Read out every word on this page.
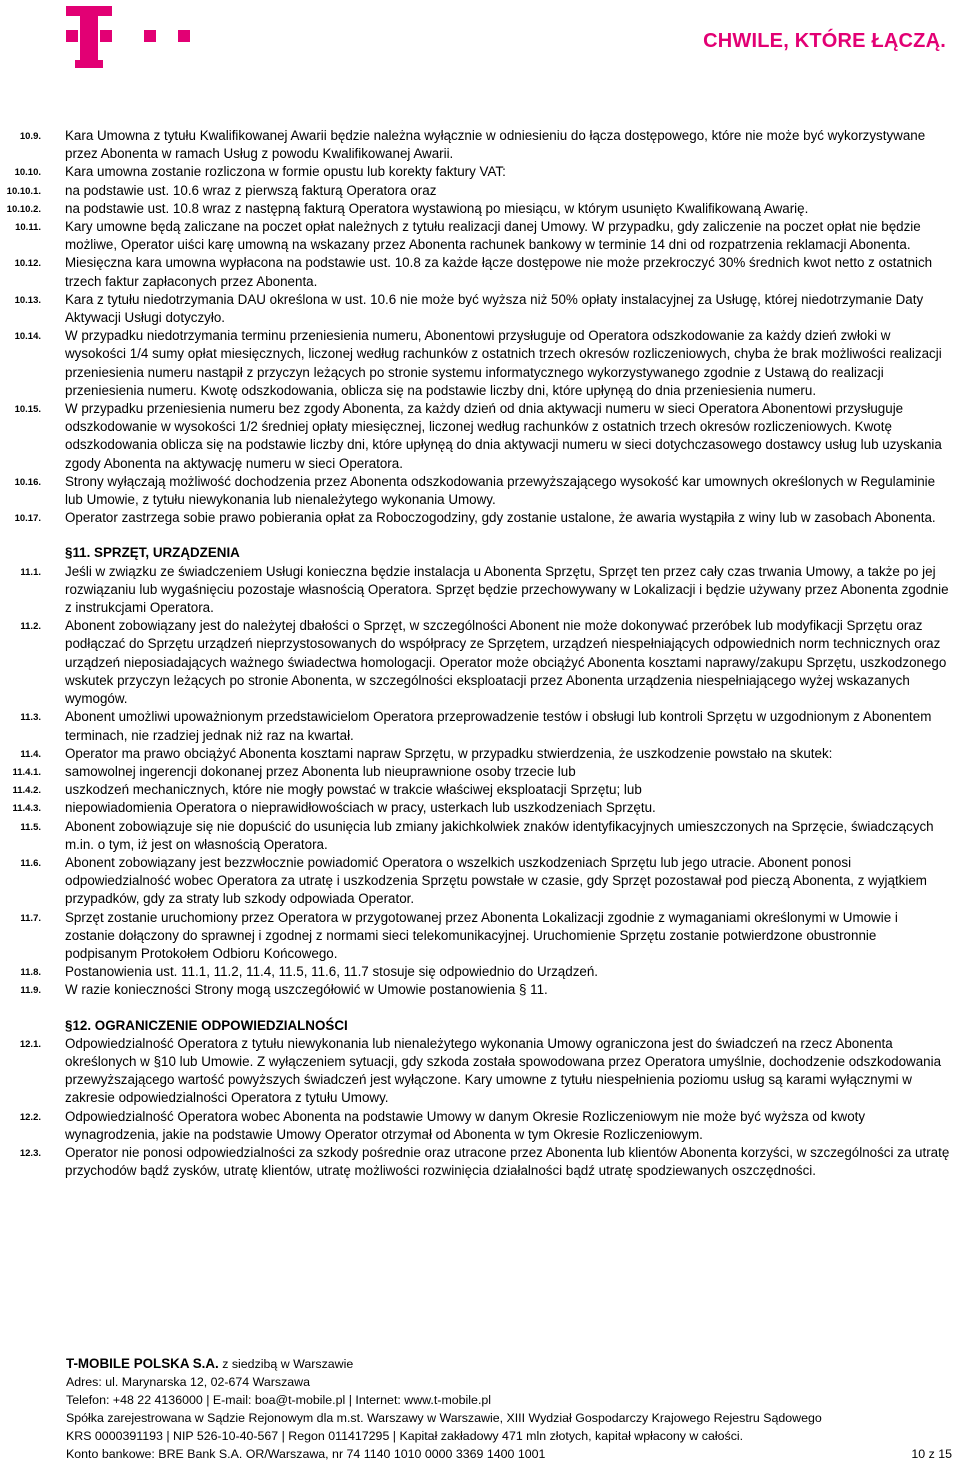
CHWILE, KTÓRE ŁĄCZĄ.
10.9. Kara Umowna z tytułu Kwalifikowanej Awarii będzie należna wyłącznie w odniesieniu do łącza dostępowego, które nie może być wykorzystywane przez Abonenta w ramach Usług z powodu Kwalifikowanej Awarii.
10.10. Kara umowna zostanie rozliczona w formie opustu lub korekty faktury VAT:
10.10.1. na podstawie ust. 10.6 wraz z pierwszą fakturą Operatora oraz
10.10.2. na podstawie ust. 10.8 wraz z następną fakturą Operatora wystawioną po miesiącu, w którym usunięto Kwalifikowaną Awarię.
10.11. Kary umowne będą zaliczane na poczet opłat należnych z tytułu realizacji danej Umowy. W przypadku, gdy zaliczenie na poczet opłat nie będzie możliwe, Operator uiści karę umowną na wskazany przez Abonenta rachunek bankowy w terminie 14 dni od rozpatrzenia reklamacji Abonenta.
10.12. Miesięczna kara umowna wypłacona na podstawie ust. 10.8 za każde łącze dostępowe nie może przekroczyć 30% średnich kwot netto z ostatnich trzech faktur zapłaconych przez Abonenta.
10.13. Kara z tytułu niedotrzymania DAU określona w ust. 10.6 nie może być wyższa niż 50% opłaty instalacyjnej za Usługę, której niedotrzymanie Daty Aktywacji Usługi dotyczyło.
10.14. W przypadku niedotrzymania terminu przeniesienia numeru, Abonentowi przysługuje od Operatora odszkodowanie za każdy dzień zwłoki w wysokości 1/4 sumy opłat miesięcznych, liczonej według rachunków z ostatnich trzech okresów rozliczeniowych, chyba że brak możliwości realizacji przeniesienia numeru nastąpił z przyczyn leżących po stronie systemu informatycznego wykorzystywanego zgodnie z Ustawą do realizacji przeniesienia numeru. Kwotę odszkodowania, oblicza się na podstawie liczby dni, które upłynęą do dnia przeniesienia numeru.
10.15. W przypadku przeniesienia numeru bez zgody Abonenta, za każdy dzień od dnia aktywacji numeru w sieci Operatora Abonentowi przysługuje odszkodowanie w wysokości 1/2 średniej opłaty miesięcznej, liczonej według rachunków z ostatnich trzech okresów rozliczeniowych. Kwotę odszkodowania oblicza się na podstawie liczby dni, które upłynęą do dnia aktywacji numeru w sieci dotychczasowego dostawcy usług lub uzyskania zgody Abonenta na aktywację numeru w sieci Operatora.
10.16. Strony wyłączają możliwość dochodzenia przez Abonenta odszkodowania przewyższającego wysokość kar umownych określonych w Regulaminie lub Umowie, z tytułu niewykonania lub nienależytego wykonania Umowy.
10.17. Operator zastrzega sobie prawo pobierania opłat za Roboczogodziny, gdy zostanie ustalone, że awaria wystąpiła z winy lub w zasobach Abonenta.
§11. SPRZĘT, URZĄDZENIA
11.1. Jeśli w związku ze świadczeniem Usługi konieczna będzie instalacja u Abonenta Sprzętu, Sprzęt ten przez cały czas trwania Umowy, a także po jej rozwiązaniu lub wygaśnięciu pozostaje własnością Operatora. Sprzęt będzie przechowywany w Lokalizacji i będzie używany przez Abonenta zgodnie z instrukcjami Operatora.
11.2. Abonent zobowiązany jest do należytej dbałości o Sprzęt, w szczególności Abonent nie może dokonywać przeróbek lub modyfikacji Sprzętu oraz podłączać do Sprzętu urządzeń nieprzystosowanych do współpracy ze Sprzętem, urządzeń niespełniających odpowiednich norm technicznych oraz urządzeń nieposiadających ważnego świadectwa homologacji. Operator może obciążyć Abonenta kosztami naprawy/zakupu Sprzętu, uszkodzonego wskutek przyczyn leżących po stronie Abonenta, w szczególności eksploatacji przez Abonenta urządzenia niespełniającego wyżej wskazanych wymogów.
11.3. Abonent umożliwi upoważnionym przedstawicielom Operatora przeprowadzenie testów i obsługi lub kontroli Sprzętu w uzgodnionym z Abonentem terminach, nie rzadziej jednak niż raz na kwartał.
11.4. Operator ma prawo obciążyć Abonenta kosztami napraw Sprzętu, w przypadku stwierdzenia, że uszkodzenie powstało na skutek:
11.4.1. samowolnej ingerencji dokonanej przez Abonenta lub nieuprawnione osoby trzecie lub
11.4.2. uszkodzeń mechanicznych, które nie mogły powstać w trakcie właściwej eksploatacji Sprzętu; lub
11.4.3. niepowiadomienia Operatora o nieprawidłowościach w pracy, usterkach lub uszkodzeniach Sprzętu.
11.5. Abonent zobowiązuje się nie dopuścić do usunięcia lub zmiany jakichkolwiek znaków identyfikacyjnych umieszczonych na Sprzęcie, świadczących m.in. o tym, iż jest on własnością Operatora.
11.6. Abonent zobowiązany jest bezzwłocznie powiadomić Operatora o wszelkich uszkodzeniach Sprzętu lub jego utracie. Abonent ponosi odpowiedzialność wobec Operatora za utratę i uszkodzenia Sprzętu powstałe w czasie, gdy Sprzęt pozostawał pod pieczą Abonenta, z wyjątkiem przypadków, gdy za straty lub szkody odpowiada Operator.
11.7. Sprzęt zostanie uruchomiony przez Operatora w przygotowanej przez Abonenta Lokalizacji zgodnie z wymaganiami określonymi w Umowie i zostanie dołączony do sprawnej i zgodnej z normami sieci telekomunikacyjnej. Uruchomienie Sprzętu zostanie potwierdzone obustronnie podpisanym Protokołem Odbioru Końcowego.
11.8. Postanowienia ust. 11.1, 11.2, 11.4, 11.5, 11.6, 11.7 stosuje się odpowiednio do Urządzeń.
11.9. W razie konieczności Strony mogą uszczegółowić w Umowie postanowienia § 11.
§12. OGRANICZENIE ODPOWIEDZIALNOŚCI
12.1. Odpowiedzialność Operatora z tytułu niewykonania lub nienależytego wykonania Umowy ograniczona jest do świadczeń na rzecz Abonenta określonych w §10 lub Umowie. Z wyłączeniem sytuacji, gdy szkoda została spowodowana przez Operatora umyślnie, dochodzenie odszkodowania przewyższającego wartość powyższych świadczeń jest wyłączone. Kary umowne z tytułu niespełnienia poziomu usług są karami wyłącznymi w zakresie odpowiedzialności Operatora z tytułu Umowy.
12.2. Odpowiedzialność Operatora wobec Abonenta na podstawie Umowy w danym Okresie Rozliczeniowym nie może być wyższa od kwoty wynagrodzenia, jakie na podstawie Umowy Operator otrzymał od Abonenta w tym Okresie Rozliczeniowym.
12.3. Operator nie ponosi odpowiedzialności za szkody pośrednie oraz utracone przez Abonenta lub klientów Abonenta korzyści, w szczególności za utratę przychodów bądź zysków, utratę klientów, utratę możliwości rozwinięcia działalności bądź utratę spodziewanych oszczędności.
T-MOBILE POLSKA S.A. z siedzibą w Warszawie
Adres: ul. Marynarska 12, 02-674 Warszawa
Telefon: +48 22 4136000 | E-mail: boa@t-mobile.pl | Internet: www.t-mobile.pl
Spółka zarejestrowana w Sądzie Rejonowym dla m.st. Warszawy w Warszawie, XIII Wydział Gospodarczy Krajowego Rejestru Sądowego
KRS 0000391193 | NIP 526-10-40-567 | Regon 011417295 | Kapitał zakładowy 471 mln złotych, kapitał wpłacony w całości.
Konto bankowe: BRE Bank S.A. OR/Warszawa, nr 74 1140 1010 0000 3369 1400 1001	10 z 15
